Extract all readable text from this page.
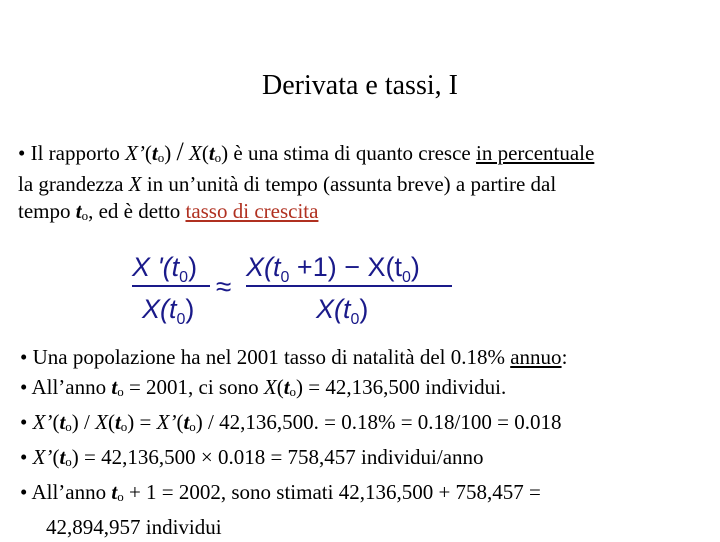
Derivata e tassi, I
• Il rapporto $X’(t_o) / X(t_o)$ è una stima di quanto cresce in percentuale
la grandezza X in un’unità di tempo (assunta breve) a partire dal
tempo $t_o$, ed è detto tasso di crescita
X '$(t_0)$
$X(t_0)$
≈
$X(t_0 +1) - X(t_0)$
$X(t_0)$
• Una popolazione ha nel 2001 tasso di natalità del 0.18% annuo:
• All’anno $t_o = 2001$, ci sono $X(t_o) = 42,136,500$ individui.
• $X’(t_o) / X(t_o)$ = $X’(t_o) / 42,136,500$. = 0.18% = 0.18/100 = 0.018
• $X’(t_o) = 42,136,500 \times 0.018 = 758,457$ individui/anno
• All’anno $t_o + 1 = 2002$, sono stimati 42,136,500 + 758,457 =
42,894,957 individui
